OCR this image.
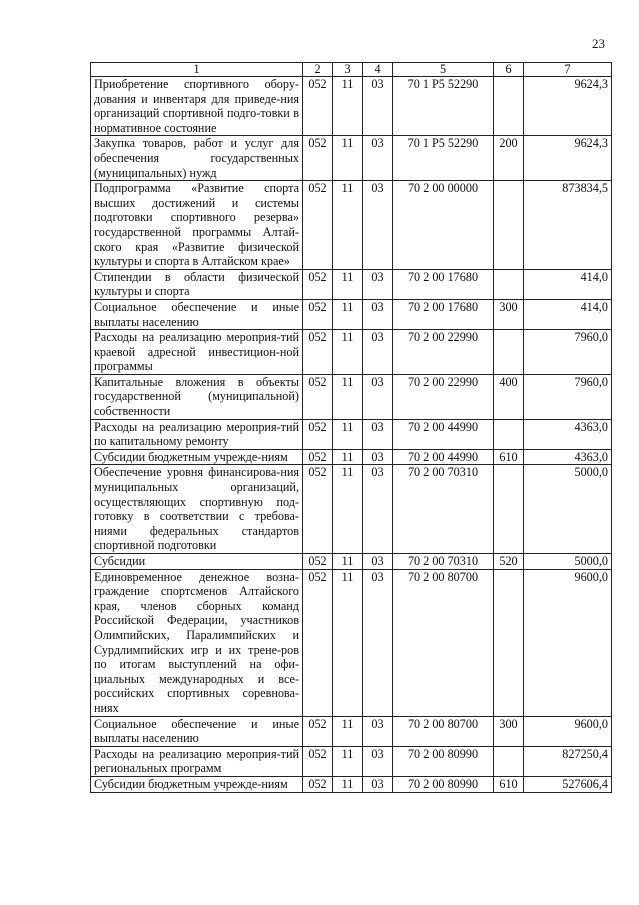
23
1	2	3	4	5	6	7
Приобретение спортивного обору-дования и инвентаря для приведе-ния организаций спортивной подго-товки в нормативное состояние	052	11	03	70 1 P5 52290		9624,3
Закупка товаров, работ и услуг для обеспечения государственных (муниципальных) нужд	052	11	03	70 1 P5 52290	200	9624,3
Подпрограмма «Развитие спорта высших достижений и системы подготовки спортивного резерва» государственной программы Алтай-ского края «Развитие физической культуры и спорта в Алтайском крае»	052	11	03	70 2 00 00000		873834,5
Стипендии в области физической культуры и спорта	052	11	03	70 2 00 17680		414,0
Социальное обеспечение и иные выплаты населению	052	11	03	70 2 00 17680	300	414,0
Расходы на реализацию мероприя-тий краевой адресной инвестицион-ной программы	052	11	03	70 2 00 22990		7960,0
Капитальные вложения в объекты государственной (муниципальной) собственности	052	11	03	70 2 00 22990	400	7960,0
Расходы на реализацию мероприя-тий по капитальному ремонту	052	11	03	70 2 00 44990		4363,0
Субсидии бюджетным учрежде-ниям	052	11	03	70 2 00 44990	610	4363,0
Обеспечение уровня финансирова-ния муниципальных организаций, осуществляющих спортивную под-готовку в соответствии с требова-ниями федеральных стандартов спортивной подготовки	052	11	03	70 2 00 70310		5000,0
Субсидии	052	11	03	70 2 00 70310	520	5000,0
Единовременное денежное возна-граждение спортсменов Алтайского края, членов сборных команд Российской Федерации, участников Олимпийских, Паралимпийских и Сурдлимпийских игр и их трене-ров по итогам выступлений на офи-циальных международных и все-российских спортивных соревнова-ниях	052	11	03	70 2 00 80700		9600,0
Социальное обеспечение и иные выплаты населению	052	11	03	70 2 00 80700	300	9600,0
Расходы на реализацию мероприя-тий региональных программ	052	11	03	70 2 00 80990		827250,4
Субсидии бюджетным учрежде-ниям	052	11	03	70 2 00 80990	610	527606,4
